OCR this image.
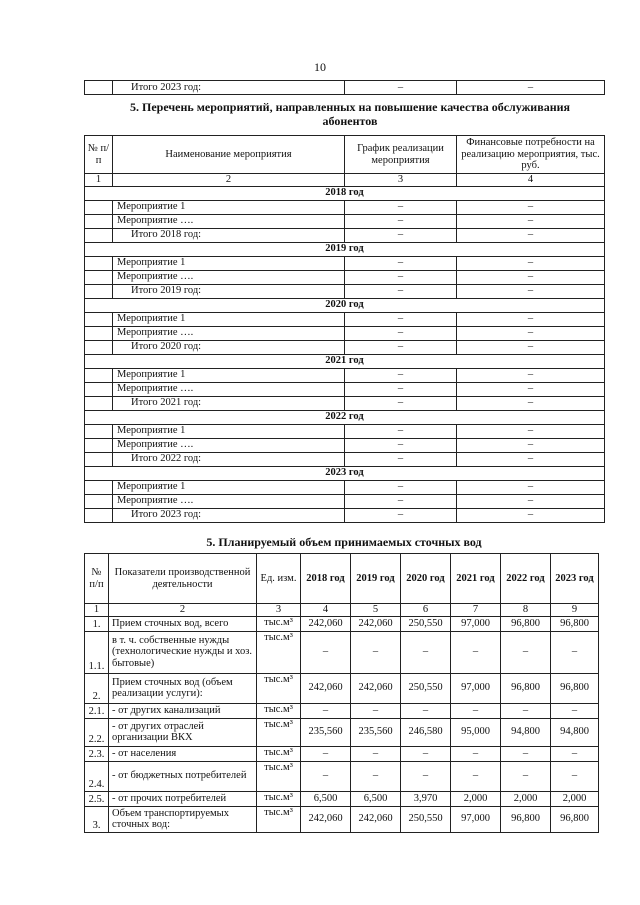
10
	Итого 2023 год:	–	–
5. Перечень мероприятий, направленных на повышение качества обслуживания абонентов
№ п/п	Наименование мероприятия	График реализации мероприятия	Финансовые потребности на реализацию мероприятия, тыс. руб.
1	2	3	4
2018 год			
	Мероприятие 1	–	–
	Мероприятие ….	–	–
	Итого 2018 год:	–	–
2019 год			
	Мероприятие 1	–	–
	Мероприятие ….	–	–
	Итого 2019 год:	–	–
2020 год			
	Мероприятие 1	–	–
	Мероприятие ….	–	–
	Итого 2020 год:	–	–
2021 год			
	Мероприятие 1	–	–
	Мероприятие ….	–	–
	Итого 2021 год:	–	–
2022 год			
	Мероприятие 1	–	–
	Мероприятие ….	–	–
	Итого 2022 год:	–	–
2023 год			
	Мероприятие 1	–	–
	Мероприятие ….	–	–
	Итого 2023 год:	–	–
5. Планируемый объем принимаемых сточных вод
№ п/п	Показатели производственной деятельности	Ед. изм.	2018 год	2019 год	2020 год	2021 год	2022 год	2023 год
1	2	3	4	5	6	7	8	9
1.	Прием сточных вод, всего	тыс.м³	242,060	242,060	250,550	97,000	96,800	96,800
1.1.	в т. ч. собственные нужды (технологические нужды и хоз. бытовые)	тыс.м³	–	–	–	–	–	–
2.	Прием сточных вод (объем реализации услуги):	тыс.м³	242,060	242,060	250,550	97,000	96,800	96,800
2.1.	- от других канализаций	тыс.м³	–	–	–	–	–	–
2.2.	- от других отраслей организации ВКХ	тыс.м³	235,560	235,560	246,580	95,000	94,800	94,800
2.3.	- от населения	тыс.м³	–	–	–	–	–	–
2.4.	- от бюджетных потребителей	тыс.м³	–	–	–	–	–	–
2.5.	- от прочих потребителей	тыс.м³	6,500	6,500	3,970	2,000	2,000	2,000
3.	Объем транспортируемых сточных вод:	тыс.м³	242,060	242,060	250,550	97,000	96,800	96,800
